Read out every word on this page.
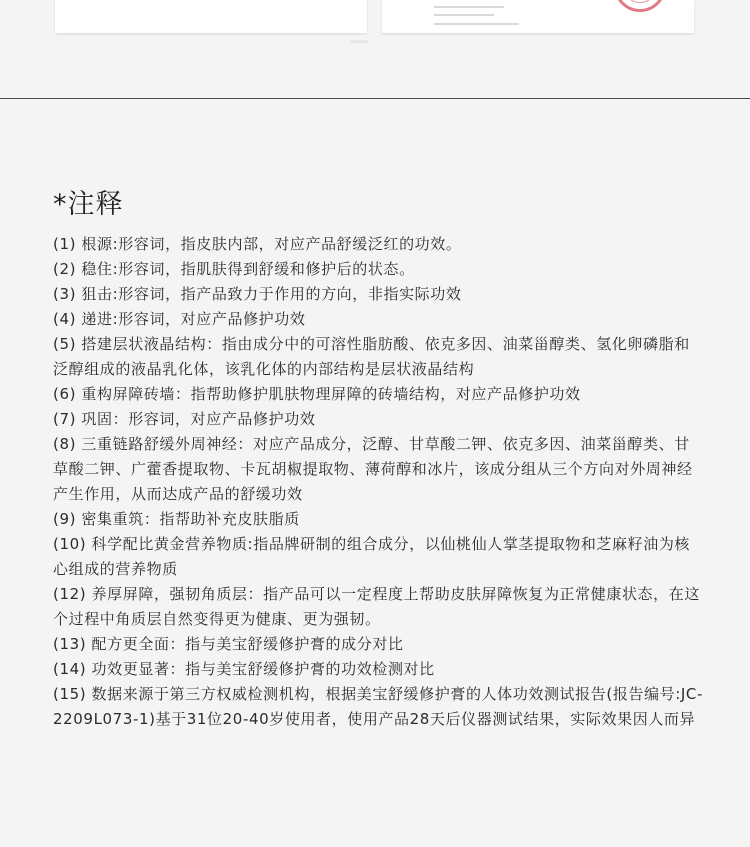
*注释
(1) 根源:形容词，指皮肤内部，对应产品舒缓泛红的功效。
(2) 稳住:形容词，指肌肤得到舒缓和修护后的状态。
(3) 狙击:形容词，指产品致力于作用的方向，非指实际功效
(4) 递进:形容词，对应产品修护功效
(5) 搭建层状液晶结构：指由成分中的可溶性脂肪酸、依克多因、油菜甾醇类、氢化卵磷脂和泛醇组成的液晶乳化体，该乳化体的内部结构是层状液晶结构
(6) 重构屏障砖墙：指帮助修护肌肤物理屏障的砖墙结构，对应产品修护功效
(7) 巩固：形容词，对应产品修护功效
(8) 三重链路舒缓外周神经：对应产品成分，泛醇、甘草酸二钾、依克多因、油菜甾醇类、甘草酸二钾、广藿香提取物、卡瓦胡椒提取物、薄荷醇和冰片，该成分组从三个方向对外周神经产生作用，从而达成产品的舒缓功效
(9) 密集重筑：指帮助补充皮肤脂质
(10) 科学配比黄金营养物质:指品牌研制的组合成分，以仙桃仙人掌茎提取物和芝麻籽油为核心组成的营养物质
(12) 养厚屏障，强韧角质层：指产品可以一定程度上帮助皮肤屏障恢复为正常健康状态，在这个过程中角质层自然变得更为健康、更为强韧。
(13) 配方更全面：指与美宝舒缓修护膏的成分对比
(14) 功效更显著：指与美宝舒缓修护膏的功效检测对比
(15) 数据来源于第三方权威检测机构，根据美宝舒缓修护膏的人体功效测试报告(报告编号:JC-2209L073-1)基于31位20-40岁使用者，使用产品28天后仪器测试结果，实际效果因人而异
